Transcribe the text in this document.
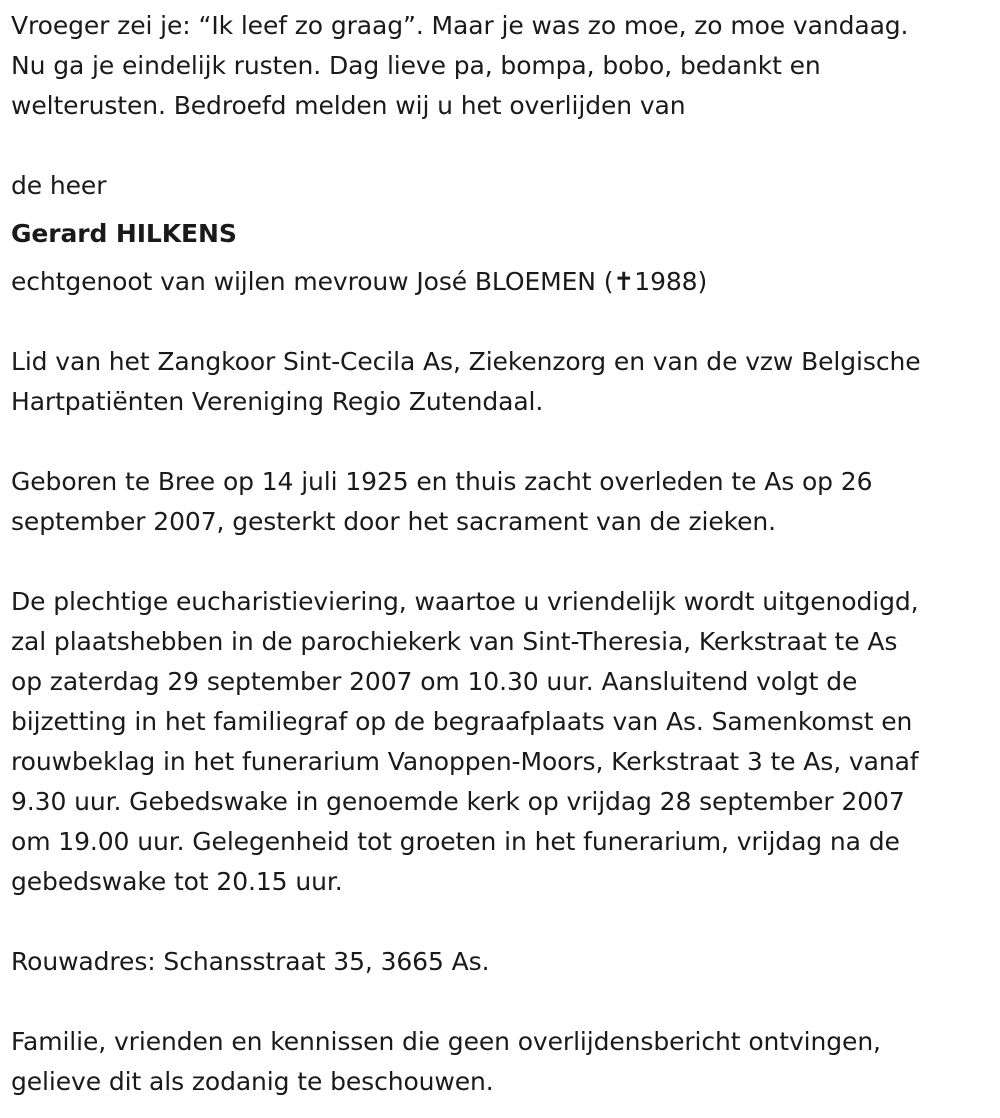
Vroeger zei je: “Ik leef zo graag”. Maar je was zo moe, zo moe vandaag.
Nu ga je eindelijk rusten. Dag lieve pa, bompa, bobo, bedankt en
welterusten. Bedroefd melden wij u het overlijden van

de heer

Gerard HILKENS

echtgenoot van wijlen mevrouw José BLOEMEN (✝1988)

Lid van het Zangkoor Sint-Cecila As, Ziekenzorg en van de vzw Belgische
Hartpatiënten Vereniging Regio Zutendaal.

Geboren te Bree op 14 juli 1925 en thuis zacht overleden te As op 26
september 2007, gesterkt door het sacrament van de zieken.

De plechtige eucharistieviering, waartoe u vriendelijk wordt uitgenodigd,
zal plaatshebben in de parochiekerk van Sint-Theresia, Kerkstraat te As
op zaterdag 29 september 2007 om 10.30 uur. Aansluitend volgt de
bijzetting in het familiegraf op de begraafplaats van As. Samenkomst en
rouwbeklag in het funerarium Vanoppen-Moors, Kerkstraat 3 te As, vanaf
9.30 uur. Gebedswake in genoemde kerk op vrijdag 28 september 2007
om 19.00 uur. Gelegenheid tot groeten in het funerarium, vrijdag na de
gebedswake tot 20.15 uur.

Rouwadres: Schansstraat 35, 3665 As.

Familie, vrienden en kennissen die geen overlijdensbericht ontvingen,
gelieve dit als zodanig te beschouwen.
